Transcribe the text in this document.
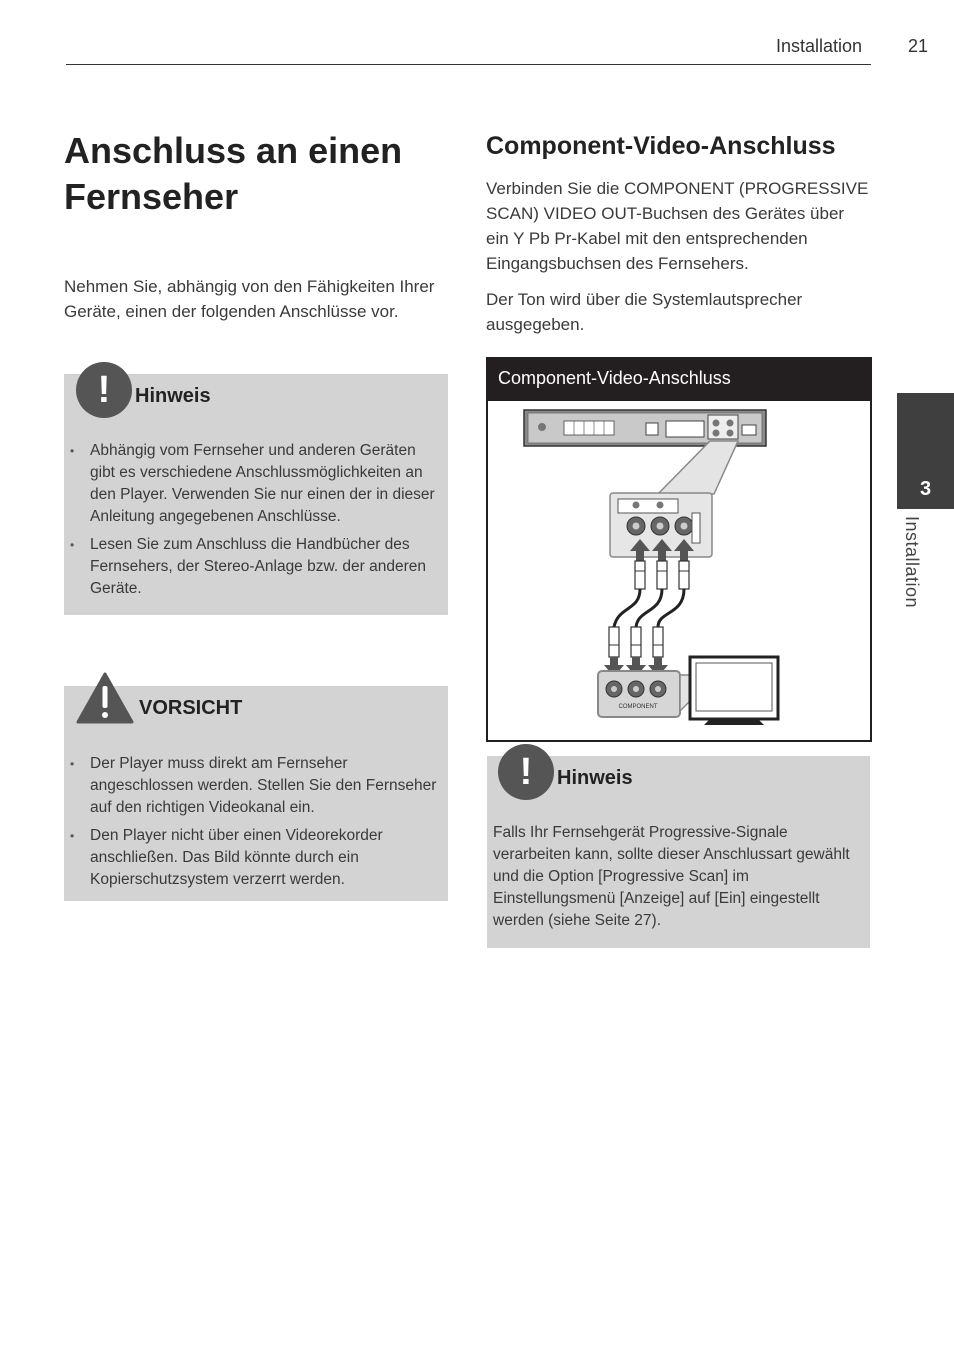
Installation	21
Anschluss an einen
Fernseher

Nehmen Sie, abhängig von den Fähigkeiten Ihrer Geräte, einen der folgenden Anschlüsse vor.

Hinweis
• Abhängig vom Fernseher und anderen Geräten gibt es verschiedene Anschlussmöglichkeiten an den Player. Verwenden Sie nur einen der in dieser Anleitung angegebenen Anschlüsse.
• Lesen Sie zum Anschluss die Handbücher des Fernsehers, der Stereo-Anlage bzw. der anderen Geräte.
!
VORSICHT
• Der Player muss direkt am Fernseher angeschlossen werden. Stellen Sie den Fernseher auf den richtigen Videokanal ein.
• Den Player nicht über einen Videorekorder anschließen. Das Bild könnte durch ein Kopierschutzsystem verzerrt werden.
Component-Video-Anschluss

Verbinden Sie die COMPONENT (PROGRESSIVE SCAN) VIDEO OUT-Buchsen des Gerätes über ein Y Pb Pr-Kabel mit den entsprechenden Eingangsbuchsen des Fernsehers.

Der Ton wird über die Systemlautsprecher ausgegeben.

Component-Video-Anschluss
COMPONENT
Hinweis

Falls Ihr Fernsehgerät Progressive-Signale verarbeiten kann, sollte dieser Anschlussart gewählt und die Option [Progressive Scan] im Einstellungsmenü [Anzeige] auf [Ein] eingestellt werden (siehe Seite 27).

!
3
Installation
